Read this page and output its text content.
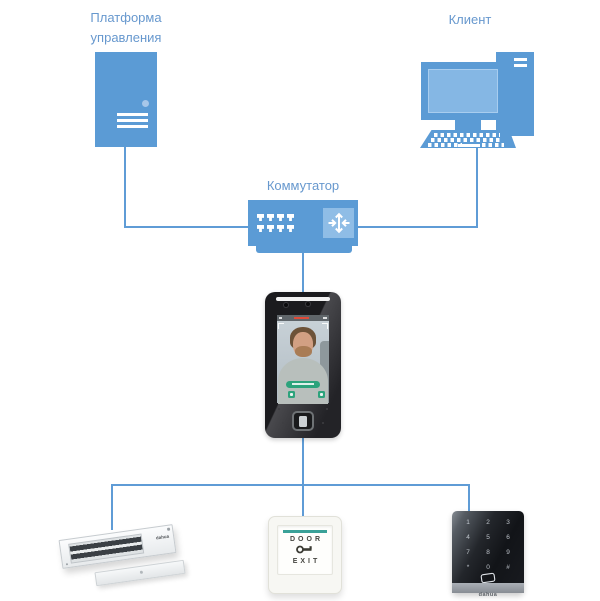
Платформа управления
Клиент
Коммутатор
dahua	DOOR
EXIT
1	2	3
4	5	6
7	8	9
*	0	#
dahua
